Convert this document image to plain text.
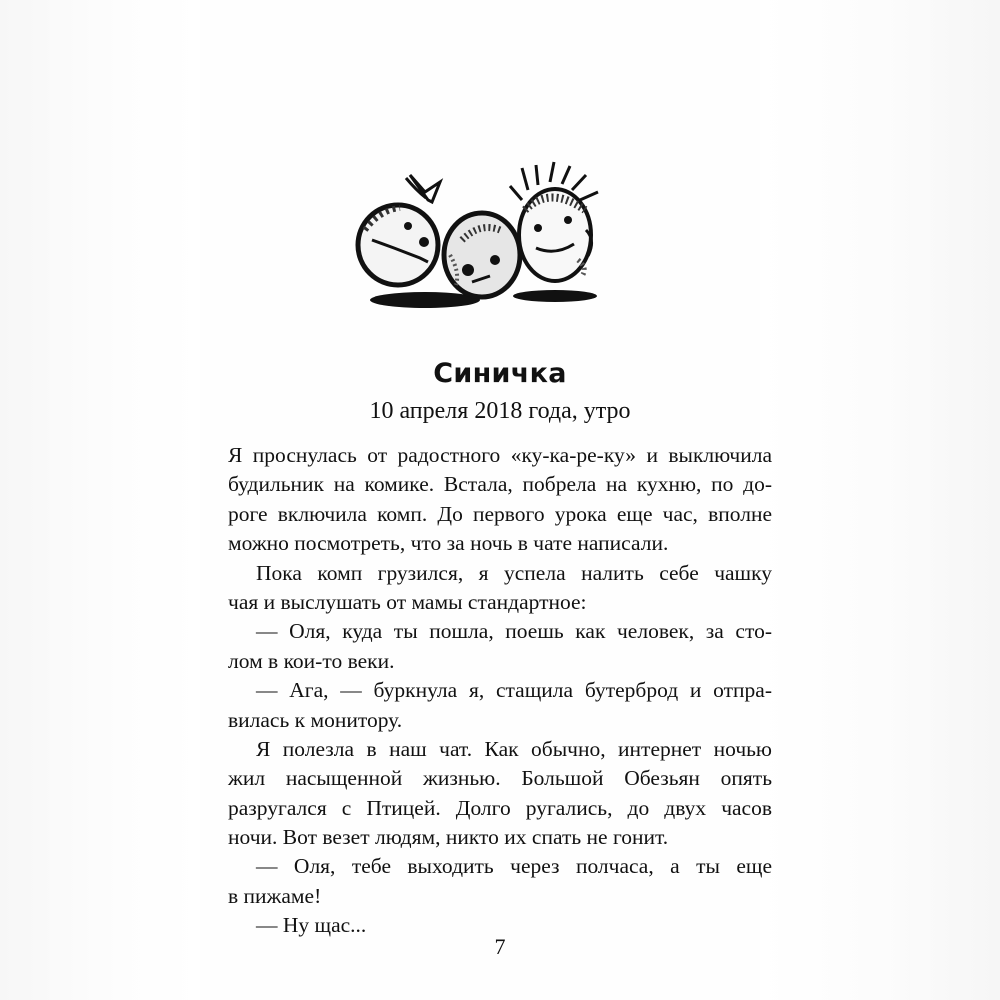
Синичка
10 апреля 2018 года, утро
Я проснулась от радостного «ку-ка-ре-ку» и выключила
будильник на комике. Встала, побрела на кухню, по до-
роге включила комп. До первого урока еще час, вполне
можно посмотреть, что за ночь в чате написали.
Пока комп грузился, я успела налить себе чашку
чая и выслушать от мамы стандартное:
— Оля, куда ты пошла, поешь как человек, за сто-
лом в кои-то веки.
— Ага, — буркнула я, стащила бутерброд и отпра-
вилась к монитору.
Я полезла в наш чат. Как обычно, интернет ночью
жил насыщенной жизнью. Большой Обезьян опять
разругался с Птицей. Долго ругались, до двух часов
ночи. Вот везет людям, никто их спать не гонит.
— Оля, тебе выходить через полчаса, а ты еще
в пижаме!
— Ну щас...
7
